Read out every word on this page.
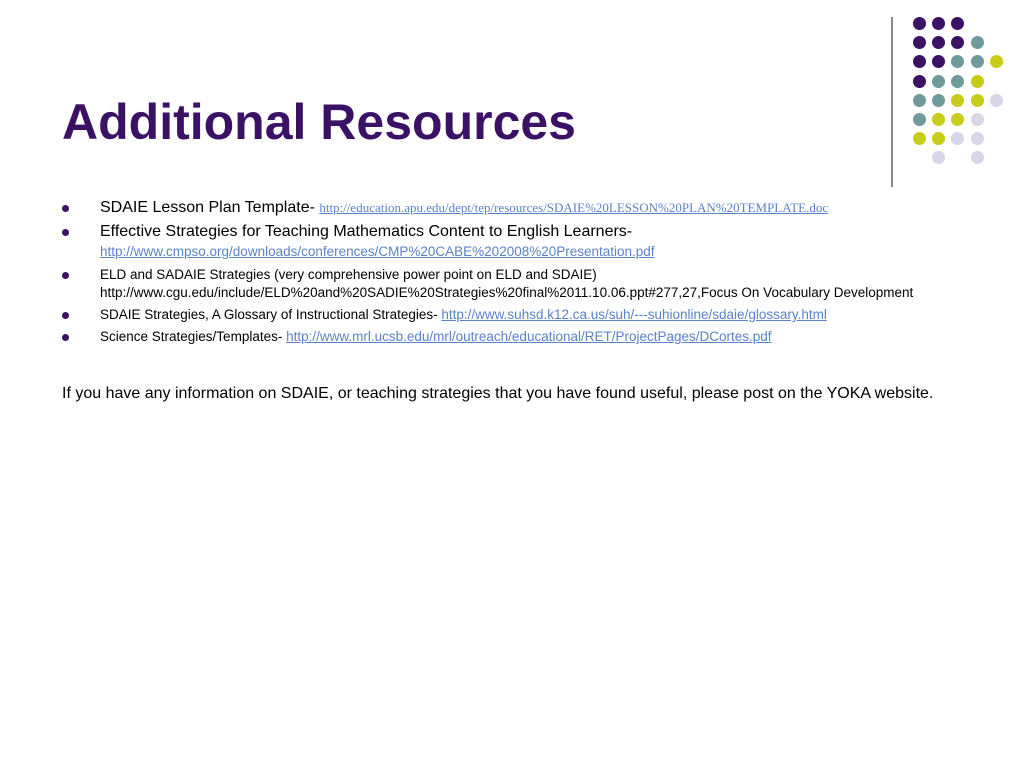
Additional Resources
SDAIE Lesson Plan Template- http://education.apu.edu/dept/tep/resources/SDAIE%20LESSON%20PLAN%20TEMPLATE.doc
Effective Strategies for Teaching Mathematics Content to English Learners-
http://www.cmpso.org/downloads/conferences/CMP%20CABE%202008%20Presentation.pdf
ELD and SADAIE Strategies (very comprehensive power point on ELD and SDAIE)
http://www.cgu.edu/include/ELD%20and%20SADIE%20Strategies%20final%2011.10.06.ppt#277,27,Focus On Vocabulary Development
SDAIE Strategies, A Glossary of Instructional Strategies- http://www.suhsd.k12.ca.us/suh/---suhionline/sdaie/glossary.html
Science Strategies/Templates- http://www.mrl.ucsb.edu/mrl/outreach/educational/RET/ProjectPages/DCortes.pdf

If you have any information on SDAIE, or teaching strategies that you have found useful, please post on the YOKA website.
